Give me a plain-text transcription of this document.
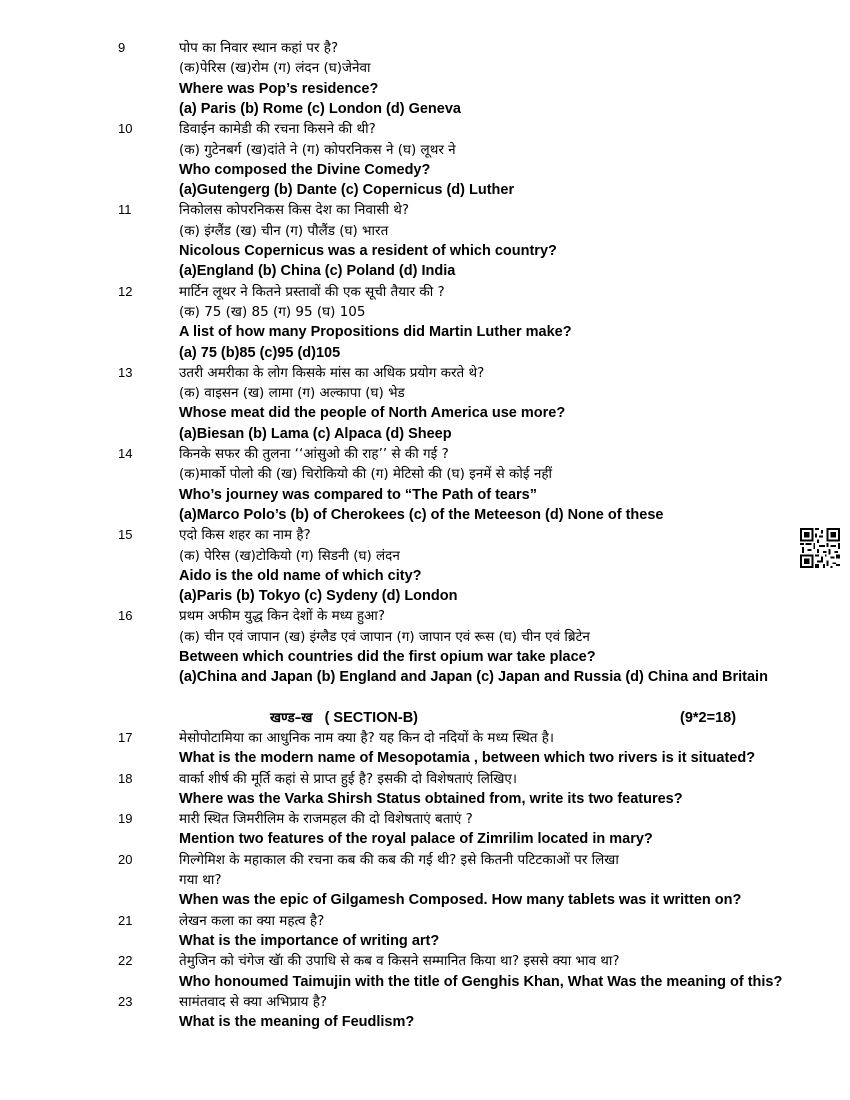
9	पोप का निवार स्थान कहां पर है?
(क)पेरिस (ख)रोम (ग) लंदन (घ)जेनेवा
Where was Pop’s residence?
(a) Paris (b) Rome (c) London (d) Geneva
10	डिवाईन कामेडी की रचना किसने की थी?
(क) गुटेनबर्ग (ख)दांते ने (ग) कोपरनिकस ने (घ) लूथर ने
Who composed the Divine Comedy?
(a)Gutengerg (b) Dante (c) Copernicus (d) Luther
11	निकोलस कोपरनिकस किस देश का निवासी थे?
(क) इंग्लैंड (ख) चीन (ग) पौलैंड (घ) भारत
Nicolous Copernicus was a resident of which country?
(a)England (b) China (c) Poland (d) India
12	मार्टिन लूथर ने कितने प्रस्तावों की एक सूची तैयार की ?
(क) 75 (ख) 85 (ग) 95 (घ) 105
A list of how many Propositions did Martin Luther make?
(a) 75 (b)85 (c)95 (d)105
13	उतरी अमरीका के लोग किसके मांस का अधिक प्रयोग करते थे?
(क) वाइसन (ख) लामा (ग) अल्कापा (घ) भेड
Whose meat did the people of North America use more?
(a)Biesan (b) Lama (c) Alpaca (d) Sheep
14	किनके सफर की तुलना ‘‘आंसुओ की राह’’ से की गई ?
(क)मार्को पोलो की (ख) चिरोकियो की (ग) मेटिसो की (घ) इनमें से कोई नहीं
Who’s journey was compared to “The Path of tears”
(a)Marco Polo’s (b) of Cherokees (c) of the Meteeson (d) None of these
15	एदो किस शहर का नाम है?
(क) पेरिस (ख)टोकियो (ग) सिडनी (घ) लंदन
Aido is the old name of which city?
(a)Paris (b) Tokyo (c) Sydeny (d) London
16	प्रथम अफीम युद्ध किन देशों के मध्य हुआ?
(क) चीन एवं जापान (ख) इंग्लैड एवं जापान (ग) जापान एवं रूस (घ) चीन एवं ब्रिटेन
Between which countries did the first opium war take place?
(a)China and Japan (b) England and Japan (c) Japan and Russia (d) China and Britain
खण्ड–ख ( SECTION-B)	(9*2=18)
17	मेसोपोटामिया का आधुनिक नाम क्या है? यह किन दो नदियों के मध्य स्थित है।
What is the modern name of Mesopotamia , between which two rivers is it situated?
18	वार्का शीर्ष की मूर्ति कहां से प्राप्त हुई है? इसकी दो विशेषताएं लिखिए।
Where was the Varka Shirsh Status obtained from, write its two features?
19	मारी स्थित जिमरीलिम के राजमहल की दो विशेषताएं बताएं ?
Mention two features of the royal palace of Zimrilim located in mary?
20	गिल्गेमिश के महाकाल की रचना कब की कब की गई थी? इसे कितनी पटिटकाओं पर लिखा
गया था?
When was the epic of Gilgamesh Composed. How many tablets was it written on?
21	लेखन कला का क्या महत्व है?
What is the importance of writing art?
22	तेमुजिन को चंगेज खॅा की उपाधि से कब व किसने सम्मानित किया था? इससे क्या भाव था?
Who honoumed Taimujin with the title of Genghis Khan, What Was the meaning of this?
23	सामंतवाद से क्या अभिप्राय है?
What is the meaning of Feudlism?
